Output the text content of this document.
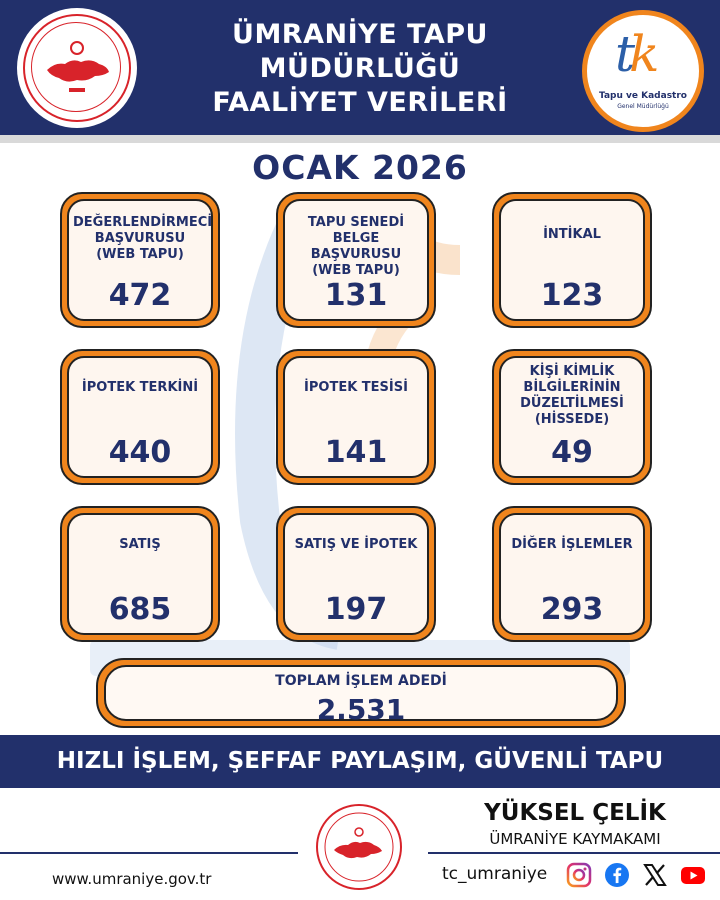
ÜMRANİYE TAPU
MÜDÜRLÜĞÜ
FAALİYET VERİLERİ
tk
Tapu ve Kadastro
Genel Müdürlüğü
OCAK 2026
DEĞERLENDİRMECİ BAŞVURUSU (WEB TAPU)
472
TAPU SENEDİ BELGE BAŞVURUSU (WEB TAPU)
131
İNTİKAL
123
İPOTEK TERKİNİ
440
İPOTEK TESİSİ
141
KİŞİ KİMLİK BİLGİLERİNİN DÜZELTİLMESİ (HİSSEDE)
49
SATIŞ
685
SATIŞ VE İPOTEK
197
DİĞER İŞLEMLER
293
TOPLAM İŞLEM ADEDİ
2.531
HIZLI İŞLEM, ŞEFFAF PAYLAŞIM, GÜVENLİ TAPU
www.umraniye.gov.tr
YÜKSEL ÇELİK
ÜMRANİYE KAYMAKAMI
tc_umraniye
